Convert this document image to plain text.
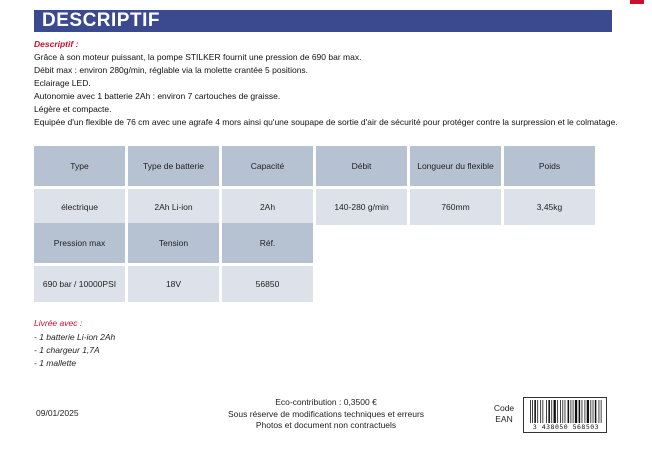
DESCRIPTIF
Descriptif :
Grâce à son moteur puissant, la pompe STILKER fournit une pression de 690 bar max.
Débit max : environ 280g/min, réglable via la molette crantée 5 positions.
Eclairage LED.
Autonomie avec 1 batterie 2Ah : environ 7 cartouches de graisse.
Légère et compacte.
Equipée d'un flexible de 76 cm avec une agrafe 4 mors ainsi qu'une soupape de sortie d'air de sécurité pour protéger contre la surpression et le colmatage.
Type	Type de batterie	Capacité	Débit	Longueur du flexible	Poids
électrique	2Ah Li-ion	2Ah	140-280 g/min	760mm	3,45kg
Pression max	Tension	Réf.
690 bar / 10000PSI	18V	56850
Livrée avec :
- 1 batterie Li-ion 2Ah
- 1 chargeur 1,7A
- 1 mallette
09/01/2025
Eco-contribution : 0,3500 €
Sous réserve de modifications techniques et erreurs
Photos et document non contractuels
Code
EAN
3 438050 568503
